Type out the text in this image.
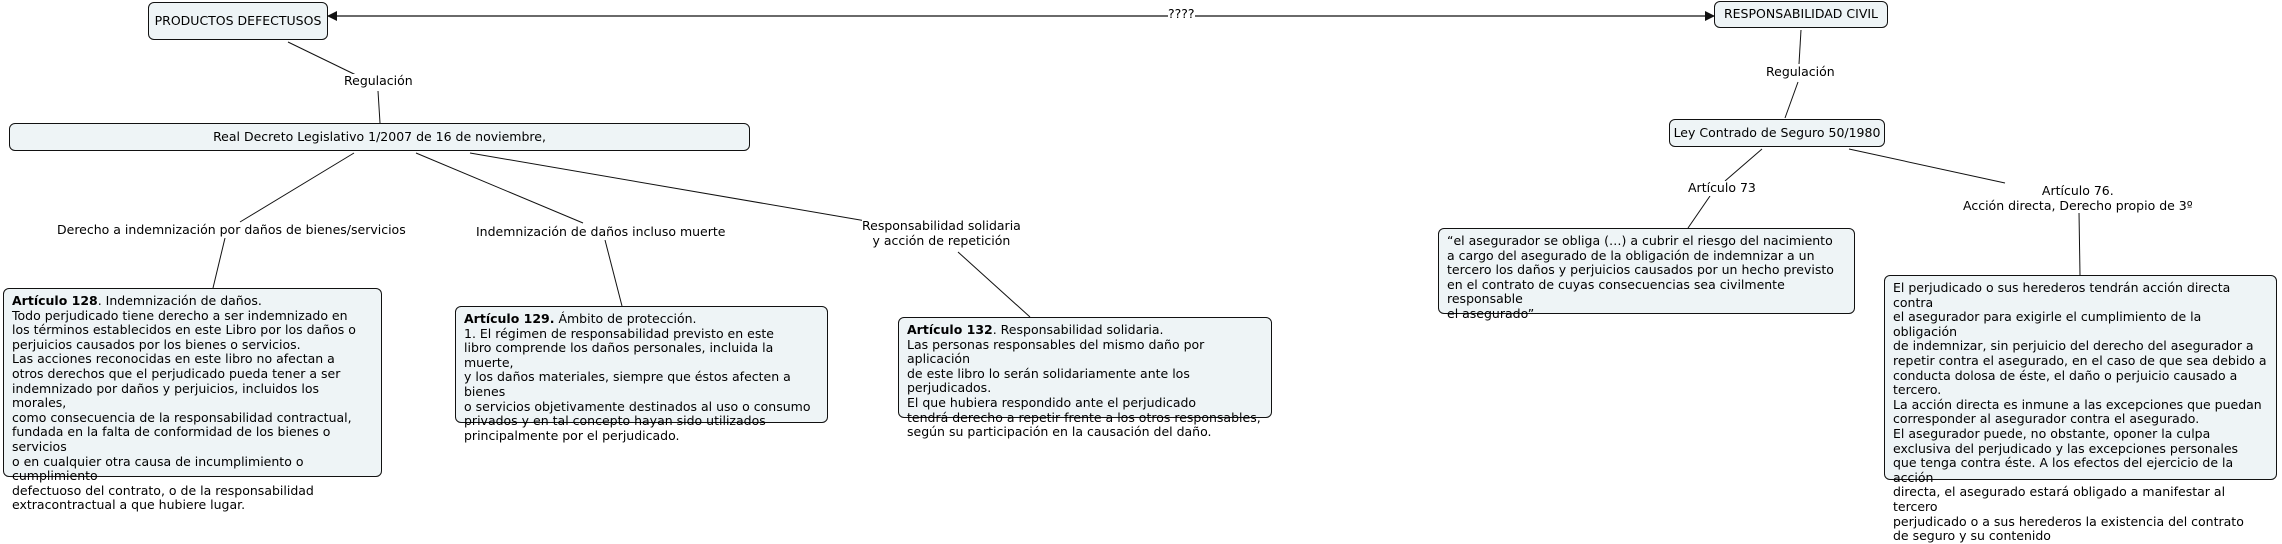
????
Regulación
Regulación
Derecho a indemnización por daños de bienes/servicios	Indemnización de daños incluso muerte	Responsabilidad solidaria
y acción de repetición
Artículo 73	Artículo 76.
Acción directa, Derecho propio de 3º
PRODUCTOS DEFECTUSOS	RESPONSABILIDAD CIVIL
Real Decreto Legislativo 1/2007 de 16 de noviembre,	Ley Contrado de Seguro 50/1980
Artículo 128. Indemnización de daños.
Todo perjudicado tiene derecho a ser indemnizado en
los términos establecidos en este Libro por los daños o
perjuicios causados por los bienes o servicios.
Las acciones reconocidas en este libro no afectan a
otros derechos que el perjudicado pueda tener a ser
indemnizado por daños y perjuicios, incluidos los morales,
como consecuencia de la responsabilidad contractual,
fundada en la falta de conformidad de los bienes o servicios
o en cualquier otra causa de incumplimiento o cumplimiento
defectuoso del contrato, o de la responsabilidad
extracontractual a que hubiere lugar.
Artículo 129. Ámbito de protección.
1. El régimen de responsabilidad previsto en este
libro comprende los daños personales, incluida la muerte,
y los daños materiales, siempre que éstos afecten a bienes
o servicios objetivamente destinados al uso o consumo
privados y en tal concepto hayan sido utilizados
principalmente por el perjudicado.
Artículo 132. Responsabilidad solidaria.
Las personas responsables del mismo daño por aplicación
de este libro lo serán solidariamente ante los perjudicados.
El que hubiera respondido ante el perjudicado
tendrá derecho a repetir frente a los otros responsables,
según su participación en la causación del daño.
“el asegurador se obliga (…) a cubrir el riesgo del nacimiento
a cargo del asegurado de la obligación de indemnizar a un
tercero los daños y perjuicios causados por un hecho previsto
en el contrato de cuyas consecuencias sea civilmente responsable
el asegurado”
El perjudicado o sus herederos tendrán acción directa contra
el asegurador para exigirle el cumplimiento de la obligación
de indemnizar, sin perjuicio del derecho del asegurador a
repetir contra el asegurado, en el caso de que sea debido a
conducta dolosa de éste, el daño o perjuicio causado a tercero.
La acción directa es inmune a las excepciones que puedan
corresponder al asegurador contra el asegurado.
El asegurador puede, no obstante, oponer la culpa
exclusiva del perjudicado y las excepciones personales
que tenga contra éste. A los efectos del ejercicio de la acción
directa, el asegurado estará obligado a manifestar al tercero
perjudicado o a sus herederos la existencia del contrato
de seguro y su contenido
